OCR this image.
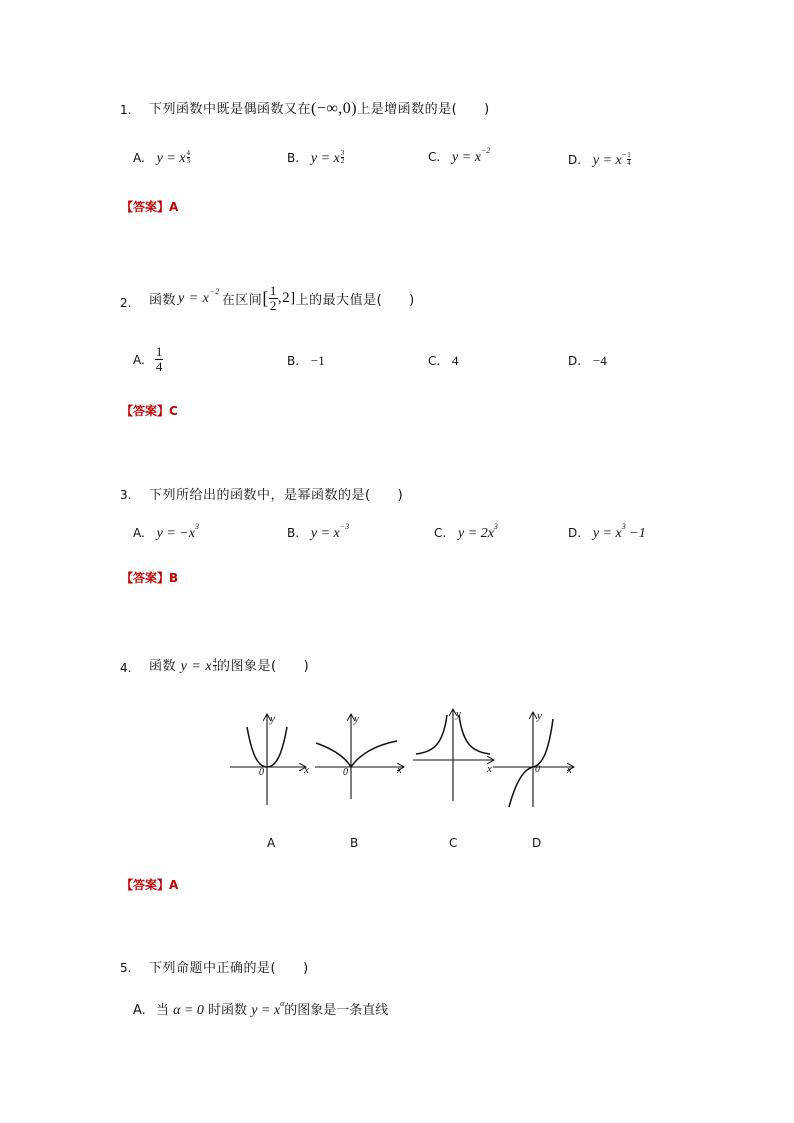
1. 下列函数中既是偶函数又在(−∞,0)上是增函数的是(　　)
A. y = x $\frac{4}{3}$	B. y = x $\frac{3}{2}$	C. $y = x^{-2}$
D. $y = x^- \frac{1}{4}$
【答案】A
2. 函数 $y = x^{-2}$
在区间 [ $\frac{1}{2} ,2$] 上的最大值是(　　)
A. $\frac{1}{4}$	B. −1	C. 4	D. −4
【答案】C
3. 下列所给出的函数中，是幂函数的是(　　)
A. $y = -x^3$	B. $y = x^{-3}$	C. $y = 2x^3$	D. $y = x^3 -1$
【答案】B
4. 函数 y = x $\frac{4}{3}$ 的图象是(　　)
y
x
0
y
x
0
y
x
y
x
0
A	B	C	D
【答案】A
5. 下列命题中正确的是(　　)
A. 当 α = 0 时函数 $y = x^\alpha$的图象是一条直线
